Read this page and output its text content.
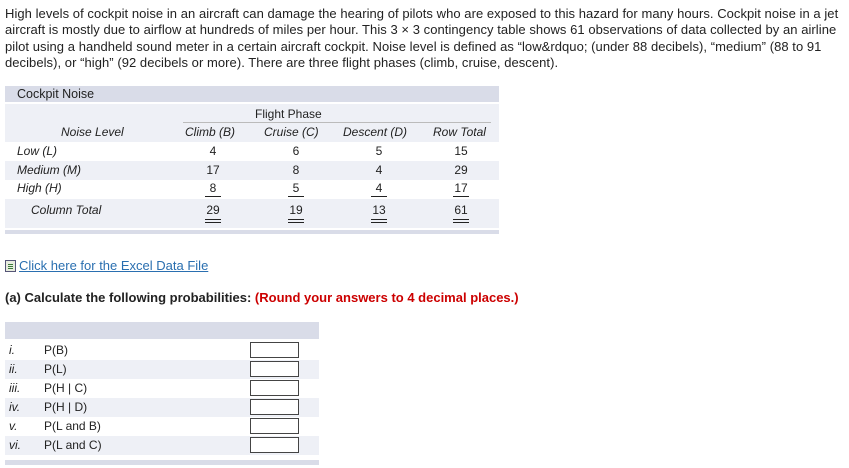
High levels of cockpit noise in an aircraft can damage the hearing of pilots who are exposed to this hazard for many hours. Cockpit noise in a jet aircraft is mostly due to airflow at hundreds of miles per hour. This 3 × 3 contingency table shows 61 observations of data collected by an airline pilot using a handheld sound meter in a certain aircraft cockpit. Noise level is defined as “low&rdquo; (under 88 decibels), “medium” (88 to 91 decibels), or “high” (92 decibels or more). There are three flight phases (climb, cruise, descent).
Cockpit Noise
Flight Phase
Noise Level	Climb (B) Cruise (C) Descent (D) Row Total
Low (L)	4	6	5	15
Medium (M)	17	8	4	29
High (H)	8	5	4	17
Column Total	29	19	13	61
Click here for the Excel Data File
(a) Calculate the following probabilities: (Round your answers to 4 decimal places.)
i. P(B)
ii. P(L)
iii. P(H | C)
iv. P(H | D)
v. P(L and B)
vi. P(L and C)
